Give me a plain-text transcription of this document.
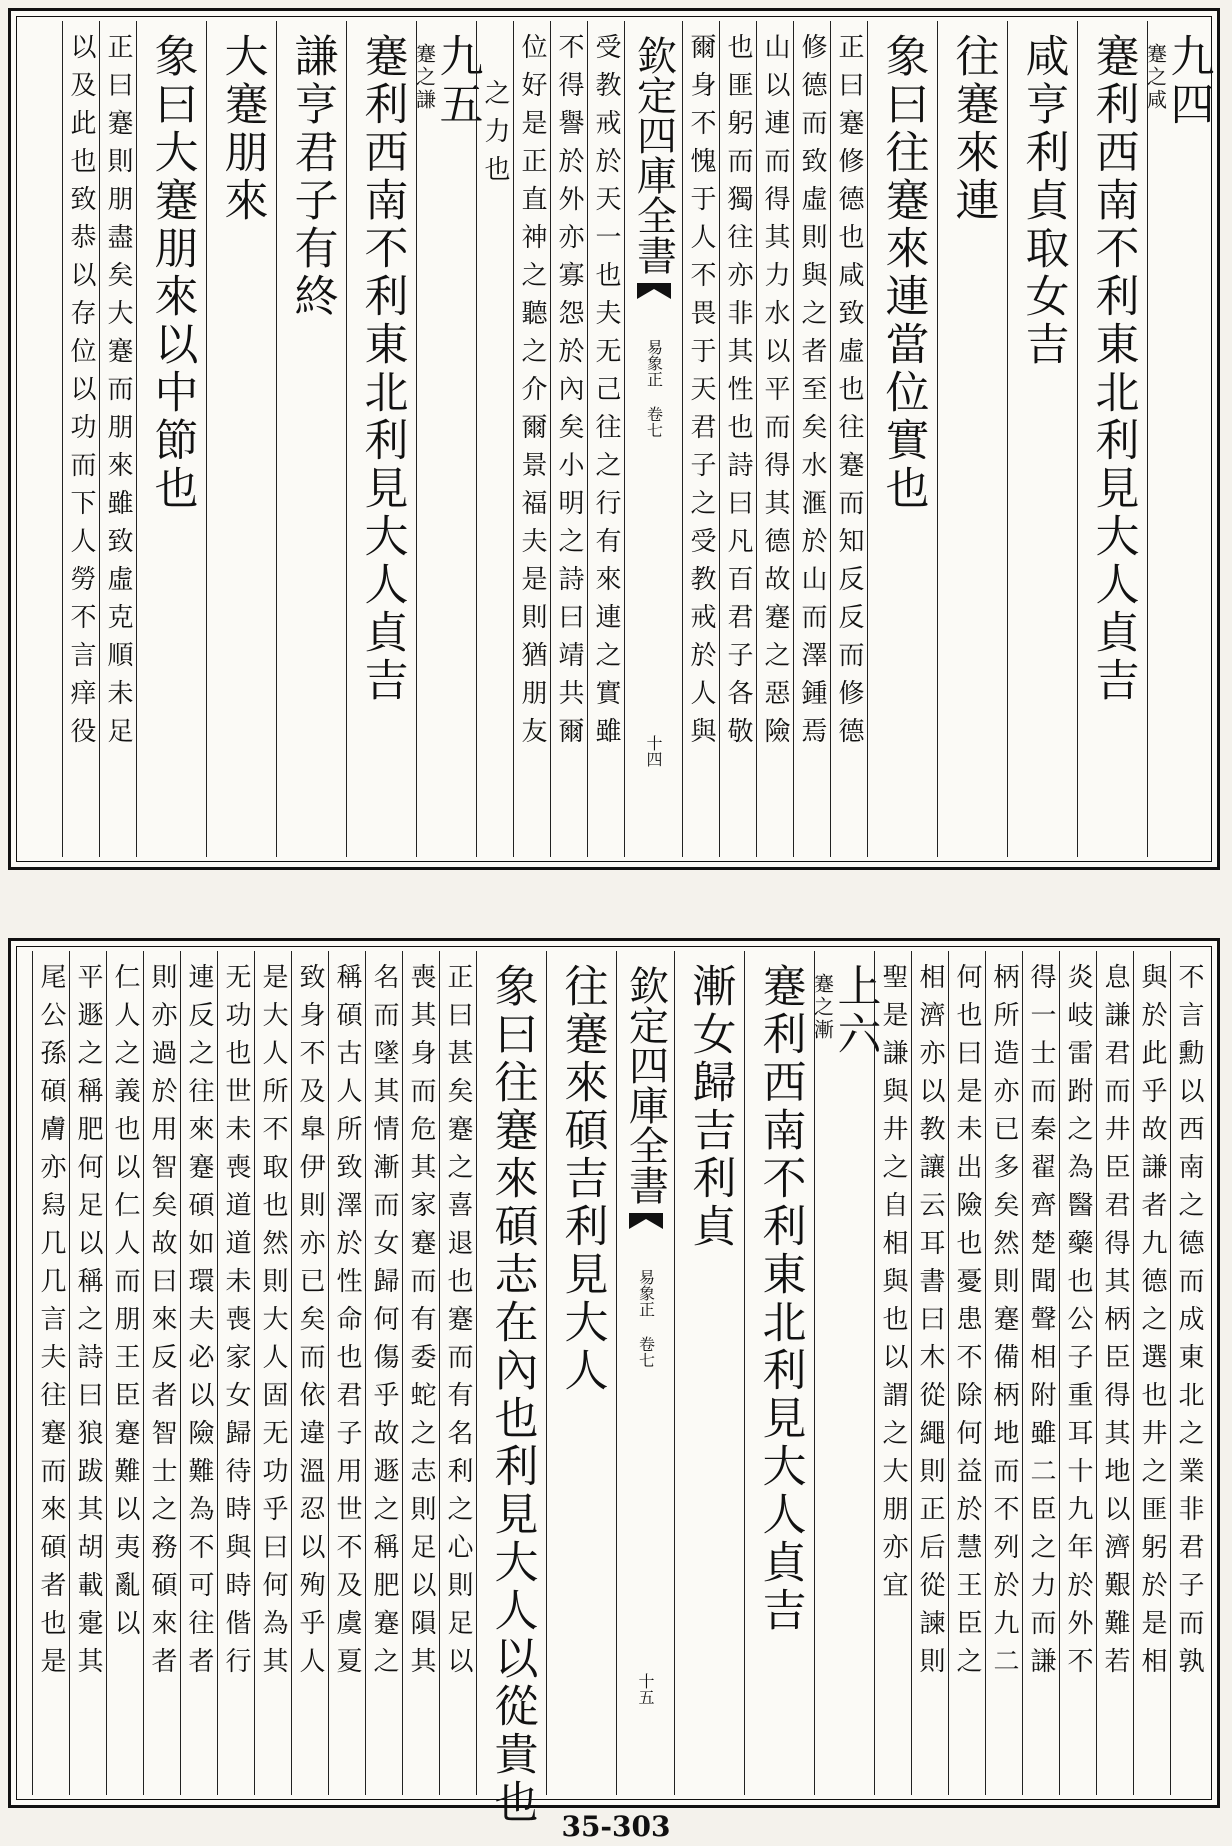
九四
蹇之咸
蹇利西南不利東北利見大人貞吉
咸亨利貞取女吉
往蹇來連
象曰往蹇來連當位實也
正曰蹇修德也咸致虛也往蹇而知反反而修德
修德而致虛則與之者至矣水滙於山而澤鍾焉
山以連而得其力水以平而得其德故蹇之惡險
也匪躬而獨往亦非其性也詩曰凡百君子各敬
爾身不愧于人不畏于天君子之受教戒於人與
欽定四庫全書
易象正 卷七
十四
受教戒於天一也夫无己往之行有來連之實雖
不得譽於外亦寡怨於內矣小明之詩曰靖共爾
位好是正直神之聽之介爾景福夫是則猶朋友
之力也
九五
蹇之謙
蹇利西南不利東北利見大人貞吉
謙亨君子有終
大蹇朋來
象曰大蹇朋來以中節也
正曰蹇則朋盡矣大蹇而朋來雖致虛克順未足
以及此也致恭以存位以功而下人勞不言痒役
不言勳以西南之德而成東北之業非君子而孰
與於此乎故謙者九德之選也井之匪躬於是相
息謙君而井臣君得其柄臣得其地以濟艱難若
炎岐雷跗之為醫藥也公子重耳十九年於外不
得一士而秦翟齊楚聞聲相附雖二臣之力而謙
柄所造亦已多矣然則蹇備柄地而不列於九二
何也曰是未出險也憂患不除何益於慧王臣之
相濟亦以教讓云耳書曰木從繩則正后從諫則
聖是謙與井之自相與也以謂之大朋亦宜
上六
蹇之漸
蹇利西南不利東北利見大人貞吉
漸女歸吉利貞
欽定四庫全書
易象正 卷七
十五
往蹇來碩吉利見大人
象曰往蹇來碩志在內也利見大人以從貴也
正曰甚矣蹇之喜退也蹇而有名利之心則足以
喪其身而危其家蹇而有委蛇之志則足以隕其
名而墜其情漸而女歸何傷乎故遯之稱肥蹇之
稱碩古人所致澤於性命也君子用世不及虞夏
致身不及臯伊則亦已矣而依違溫忍以殉乎人
是大人所不取也然則大人固无功乎曰何為其
无功也世未喪道道未喪家女歸待時與時偕行
連反之往來蹇碩如環夫必以險難為不可往者
則亦過於用智矣故曰來反者智士之務碩來者
仁人之義也以仁人而朋王臣蹇難以夷亂以
平遯之稱肥何足以稱之詩曰狼跋其胡載疐其
尾公孫碩膚亦舄几几言夫往蹇而來碩者也是
35-303
